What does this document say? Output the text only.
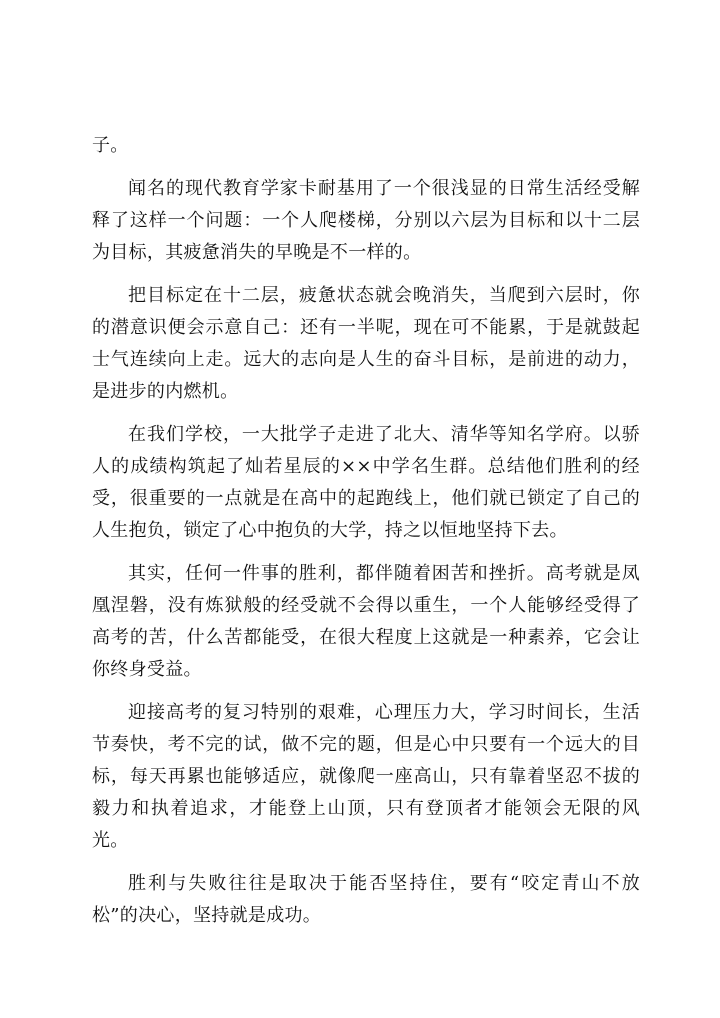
子。

闻名的现代教育学家卡耐基用了一个很浅显的日常生活经受解释了这样一个问题：一个人爬楼梯，分别以六层为目标和以十二层为目标，其疲惫消失的早晚是不一样的。

把目标定在十二层，疲惫状态就会晚消失，当爬到六层时，你的潜意识便会示意自己：还有一半呢，现在可不能累，于是就鼓起士气连续向上走。远大的志向是人生的奋斗目标，是前进的动力，是进步的内燃机。

在我们学校，一大批学子走进了北大、清华等知名学府。以骄人的成绩构筑起了灿若星辰的××中学名生群。总结他们胜利的经受，很重要的一点就是在高中的起跑线上，他们就已锁定了自己的人生抱负，锁定了心中抱负的大学，持之以恒地坚持下去。

其实，任何一件事的胜利，都伴随着困苦和挫折。高考就是凤凰涅磐，没有炼狱般的经受就不会得以重生，一个人能够经受得了高考的苦，什么苦都能受，在很大程度上这就是一种素养，它会让你终身受益。

迎接高考的复习特别的艰难，心理压力大，学习时间长，生活节奏快，考不完的试，做不完的题，但是心中只要有一个远大的目标，每天再累也能够适应，就像爬一座高山，只有靠着坚忍不拔的毅力和执着追求，才能登上山顶，只有登顶者才能领会无限的风光。

胜利与失败往往是取决于能否坚持住，要有“咬定青山不放松”的决心，坚持就是成功。
